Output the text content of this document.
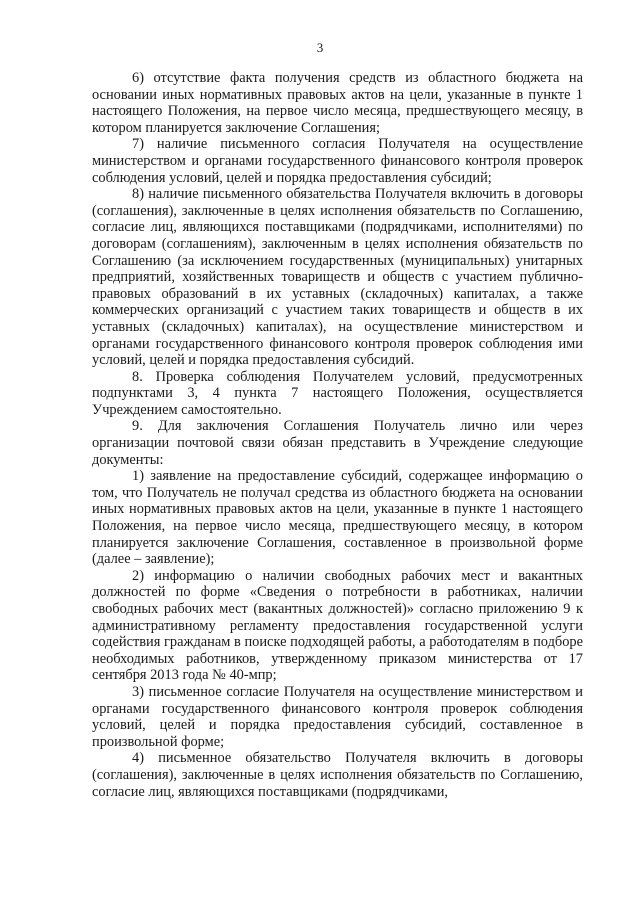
3

6) отсутствие факта получения средств из областного бюджета на основании иных нормативных правовых актов на цели, указанные в пункте 1 настоящего Положения, на первое число месяца, предшествующего месяцу, в котором планируется заключение Соглашения;

7) наличие письменного согласия Получателя на осуществление министерством и органами государственного финансового контроля проверок соблюдения условий, целей и порядка предоставления субсидий;

8) наличие письменного обязательства Получателя включить в договоры (соглашения), заключенные в целях исполнения обязательств по Соглашению, согласие лиц, являющихся поставщиками (подрядчиками, исполнителями) по договорам (соглашениям), заключенным в целях исполнения обязательств по Соглашению (за исключением государственных (муниципальных) унитарных предприятий, хозяйственных товариществ и обществ с участием публично-правовых образований в их уставных (складочных) капиталах, а также коммерческих организаций с участием таких товариществ и обществ в их уставных (складочных) капиталах), на осуществление министерством и органами государственного финансового контроля проверок соблюдения ими условий, целей и порядка предоставления субсидий.

8. Проверка соблюдения Получателем условий, предусмотренных подпунктами 3, 4 пункта 7 настоящего Положения, осуществляется Учреждением самостоятельно.

9. Для заключения Соглашения Получатель лично или через организации почтовой связи обязан представить в Учреждение следующие документы:

1) заявление на предоставление субсидий, содержащее информацию о том, что Получатель не получал средства из областного бюджета на основании иных нормативных правовых актов на цели, указанные в пункте 1 настоящего Положения, на первое число месяца, предшествующего месяцу, в котором планируется заключение Соглашения, составленное в произвольной форме (далее – заявление);

2) информацию о наличии свободных рабочих мест и вакантных должностей по форме «Сведения о потребности в работниках, наличии свободных рабочих мест (вакантных должностей)» согласно приложению 9 к административному регламенту предоставления государственной услуги содействия гражданам в поиске подходящей работы, а работодателям в подборе необходимых работников, утвержденному приказом министерства от 17 сентября 2013 года № 40-мпр;

3) письменное согласие Получателя на осуществление министерством и органами государственного финансового контроля проверок соблюдения условий, целей и порядка предоставления субсидий, составленное в произвольной форме;

4) письменное обязательство Получателя включить в договоры (соглашения), заключенные в целях исполнения обязательств по Соглашению, согласие лиц, являющихся поставщиками (подрядчиками,
